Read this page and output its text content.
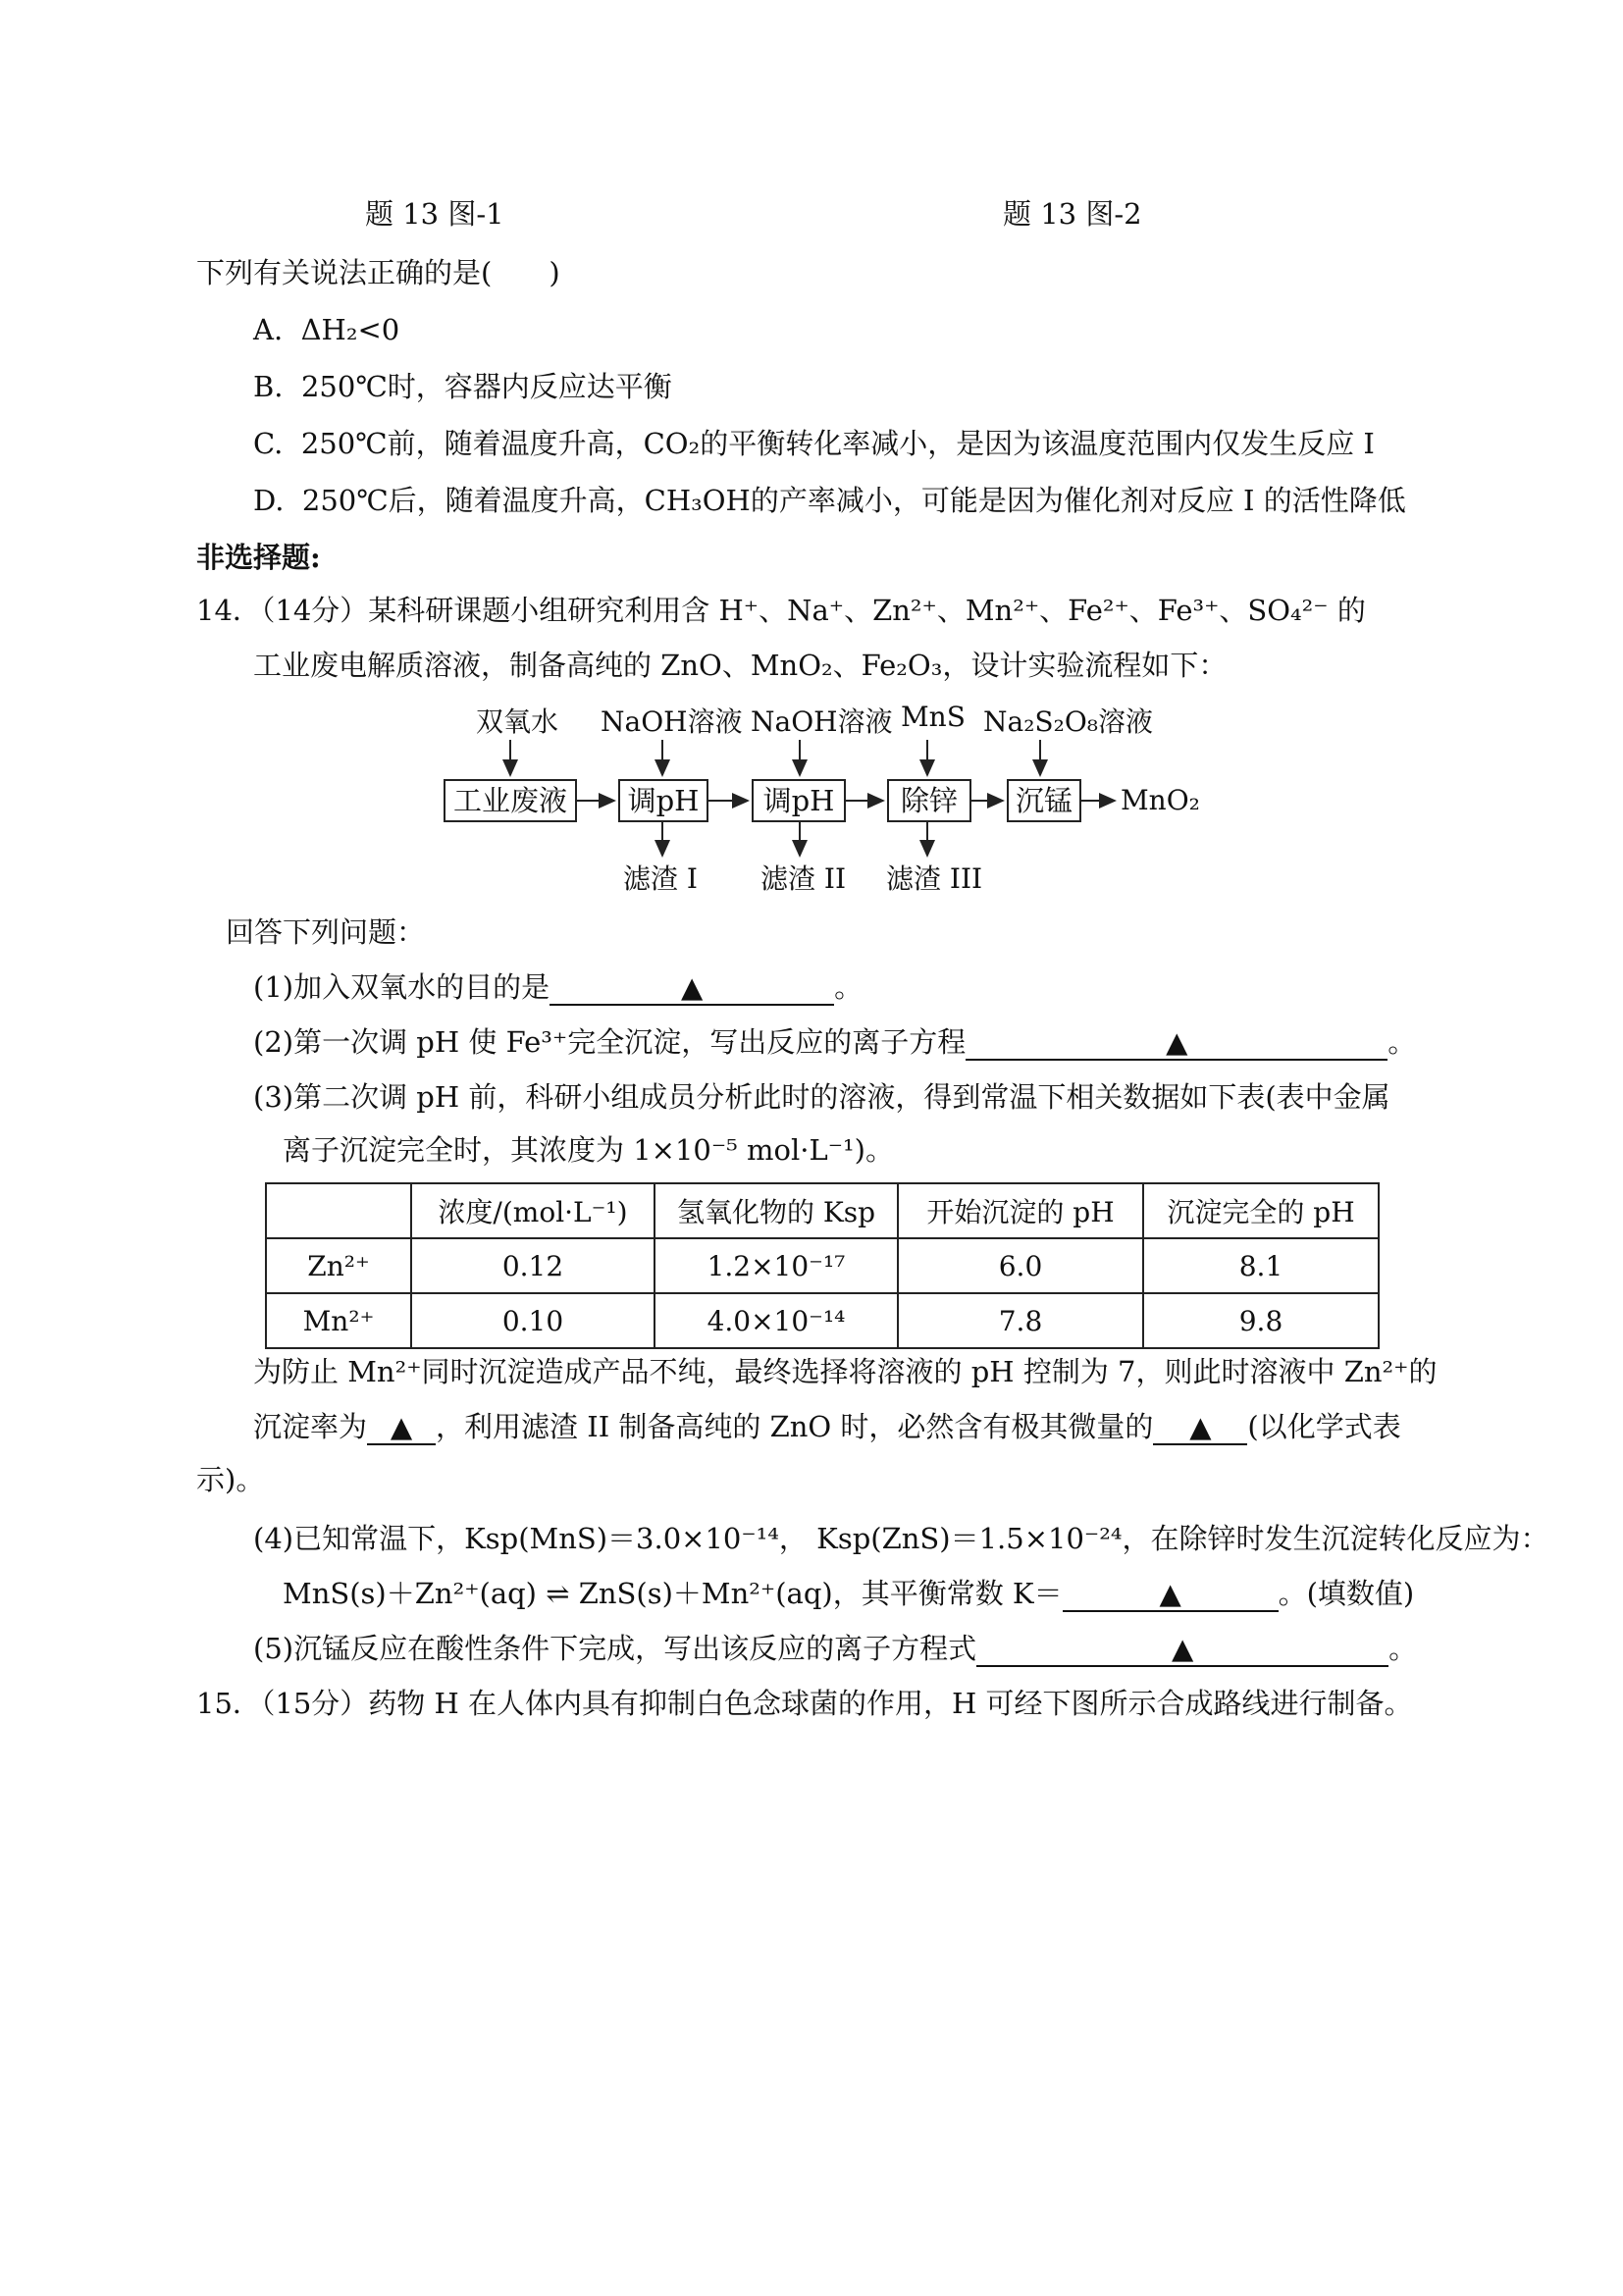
题 13 图-1	题 13 图-2
下列有关说法正确的是(　　)
A. ΔH₂<0
B. 250℃时，容器内反应达平衡
C. 250℃前，随着温度升高，CO₂的平衡转化率减小，是因为该温度范围内仅发生反应 I
D. 250℃后，随着温度升高，CH₃OH的产率减小，可能是因为催化剂对反应 I 的活性降低
非选择题:
14．（14分）某科研课题小组研究利用含 H⁺、Na⁺、Zn²⁺、Mn²⁺、Fe²⁺、Fe³⁺、SO₄²⁻ 的
工业废电解质溶液，制备高纯的 ZnO、MnO₂、Fe₂O₃，设计实验流程如下：
双氧水 NaOH溶液 NaOH溶液 MnS Na₂S₂O₈溶液
工业废液	调pH	调pH	除锌	沉锰	MnO₂
滤渣 I 滤渣 II 滤渣 III
回答下列问题：
(1)加入双氧水的目的是	▲	。
(2)第一次调 pH 使 Fe³⁺完全沉淀，写出反应的离子方程	▲	。
(3)第二次调 pH 前，科研小组成员分析此时的溶液，得到常温下相关数据如下表(表中金属
离子沉淀完全时，其浓度为 1×10⁻⁵ mol·L⁻¹)。
	浓度/(mol·L⁻¹)	氢氧化物的 Ksp	开始沉淀的 pH	沉淀完全的 pH
Zn²⁺	0.12	1.2×10⁻¹⁷	6.0	8.1
Mn²⁺	0.10	4.0×10⁻¹⁴	7.8	9.8
为防止 Mn²⁺同时沉淀造成产品不纯，最终选择将溶液的 pH 控制为 7，则此时溶液中 Zn²⁺的
沉淀率为 ▲ ，利用滤渣 II 制备高纯的 ZnO 时，必然含有极其微量的 ▲ (以化学式表
示)。
(4)已知常温下，Ksp(MnS)＝3.0×10⁻¹⁴， Ksp(ZnS)＝1.5×10⁻²⁴，在除锌时发生沉淀转化反应为：
MnS(s)＋Zn²⁺(aq) ⇌ ZnS(s)＋Mn²⁺(aq)，其平衡常数 K＝	▲	。(填数值)
(5)沉锰反应在酸性条件下完成，写出该反应的离子方程式	▲	。
15．（15分）药物 H 在人体内具有抑制白色念球菌的作用，H 可经下图所示合成路线进行制备。
